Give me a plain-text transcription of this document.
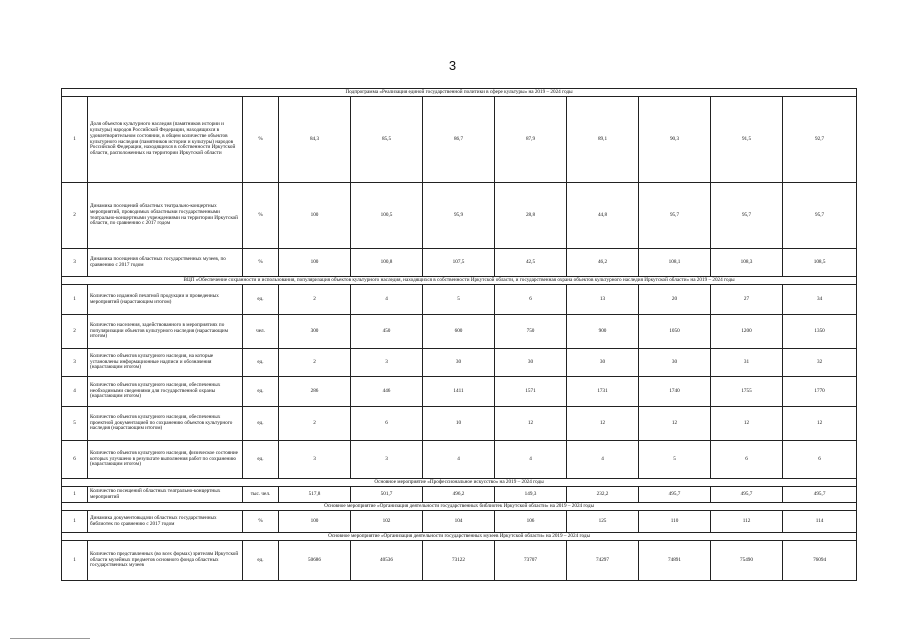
3
Подпрограмма «Реализация единой государственной политики в сфере культуры» на 2019 – 2024 годы										
1	Доля объектов культурного наследия (памятников истории и культуры) народов Российской Федерации, находящихся в удовлетворительном состоянии, в общем количестве объектов культурного наследия (памятников истории и культуры) народов Российской Федерации, находящихся в собственности Иркутской области, расположенных на территории Иркутской области	%	84,3	85,5	86,7	87,9	89,1	90,3	91,5	92,7
2	Динамика посещений областных театрально-концертных мероприятий, проводимых областными государственными театрально-концертными учреждениями на территории Иркутской области, по сравнению с 2017 годом	%	100	100,5	95,9	28,8	44,8	95,7	95,7	95,7
3	Динамика посещения областных государственных музеев, по сравнению с 2017 годом	%	100	100,8	107,5	42,5	46,2	108,1	108,3	108,5
ВЦП «Обеспечение сохранности и использования, популяризация объектов культурного наследия, находящихся в собственности Иркутской области, и государственная охрана объектов культурного наследия Иркутской области» на 2019 – 2024 годы										
1	Количество изданной печатной продукции и проведенных мероприятий (нарастающим итогом)	ед.	2	4	5	6	13	20	27	34
2	Количество населения, задействованного в мероприятиях по популяризации объектов культурного наследия (нарастающим итогом)	чел.	300	450	600	750	900	1050	1200	1350
3	Количество объектов культурного наследия, на которые установлены информационные надписи и обозначения (нарастающим итогом)	ед.	2	3	30	30	30	30	31	32
4	Количество объектов культурного наследия, обеспеченных необходимыми сведениями для государственной охраны (нарастающим итогом)	ед.	286	446	1411	1571	1731	1740	1755	1770
5	Количество объектов культурного наследия, обеспеченных проектной документацией по сохранению объектов культурного наследия (нарастающим итогом)	ед.	2	6	10	12	12	12	12	12
6	Количество объектов культурного наследия, физическое состояние которых улучшено в результате выполнения работ по сохранению (нарастающим итогом)	ед.	3	3	4	4	4	5	6	6
Основное мероприятие «Профессиональное искусство» на 2019 – 2024 годы										
1	Количество посещений областных театрально-концертных мероприятий	тыс. чел.	517,8	501,7	496,2	149,3	232,2	495,7	495,7	495,7
Основное мероприятие «Организация деятельности государственных библиотек Иркутской области» на 2019 – 2024 годы										
1	Динамика документовыдачи областных государственных библиотек по сравнению с 2017 годом	%	100	102	104	106	125	110	112	114
Основное мероприятие «Организация деятельности государственных музеев Иркутской области» на 2019 – 2024 годы										
1	Количество представленных (во всех формах) зрителям Иркутской области музейных предметов основного фонда областных государственных музеев	ед.	50686	40536	73122	73707	74297	74891	75490	76094
